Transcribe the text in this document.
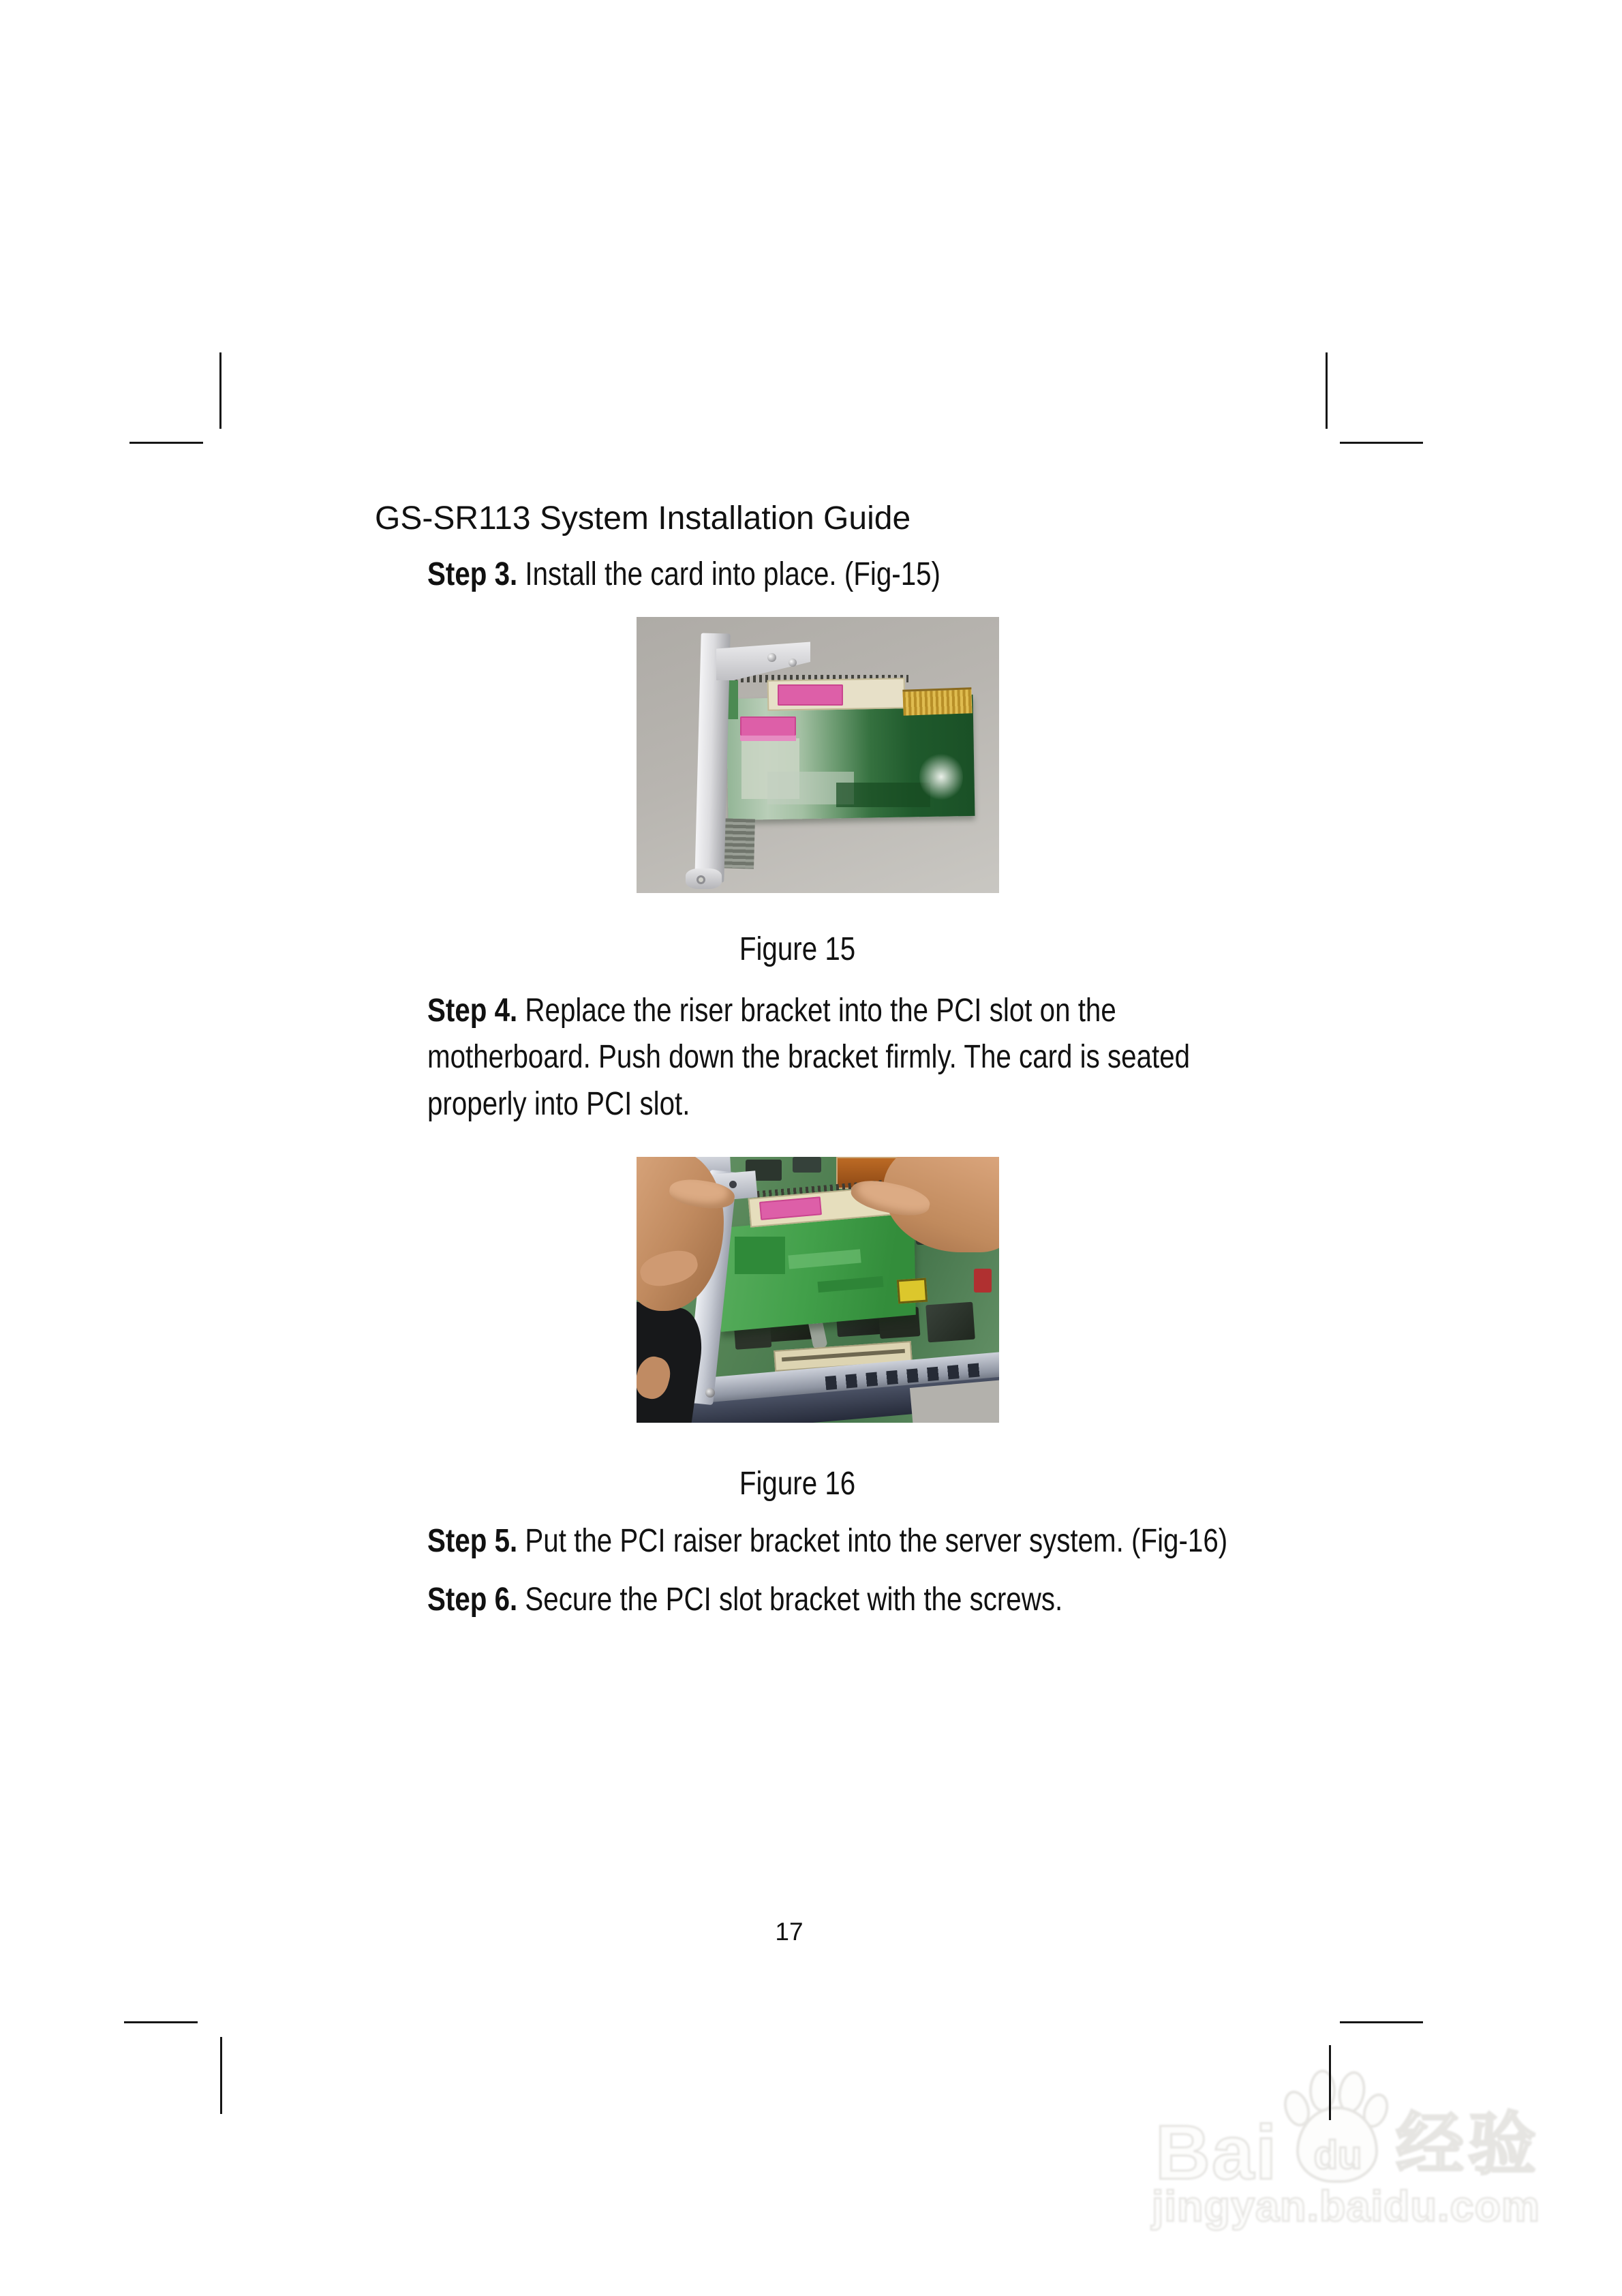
GS-SR113 System Installation Guide
Step 3. Install the card into place. (Fig-15)
Figure 15
Step 4. Replace the riser bracket into the PCI slot on the
motherboard. Push down the bracket firmly. The card is seated
properly into PCI slot.
Figure 16
Step 5. Put the PCI raiser bracket into the server system. (Fig-16)
Step 6. Secure the PCI slot bracket with the screws.
17
Bai du 经验
jingyan.baidu.com
